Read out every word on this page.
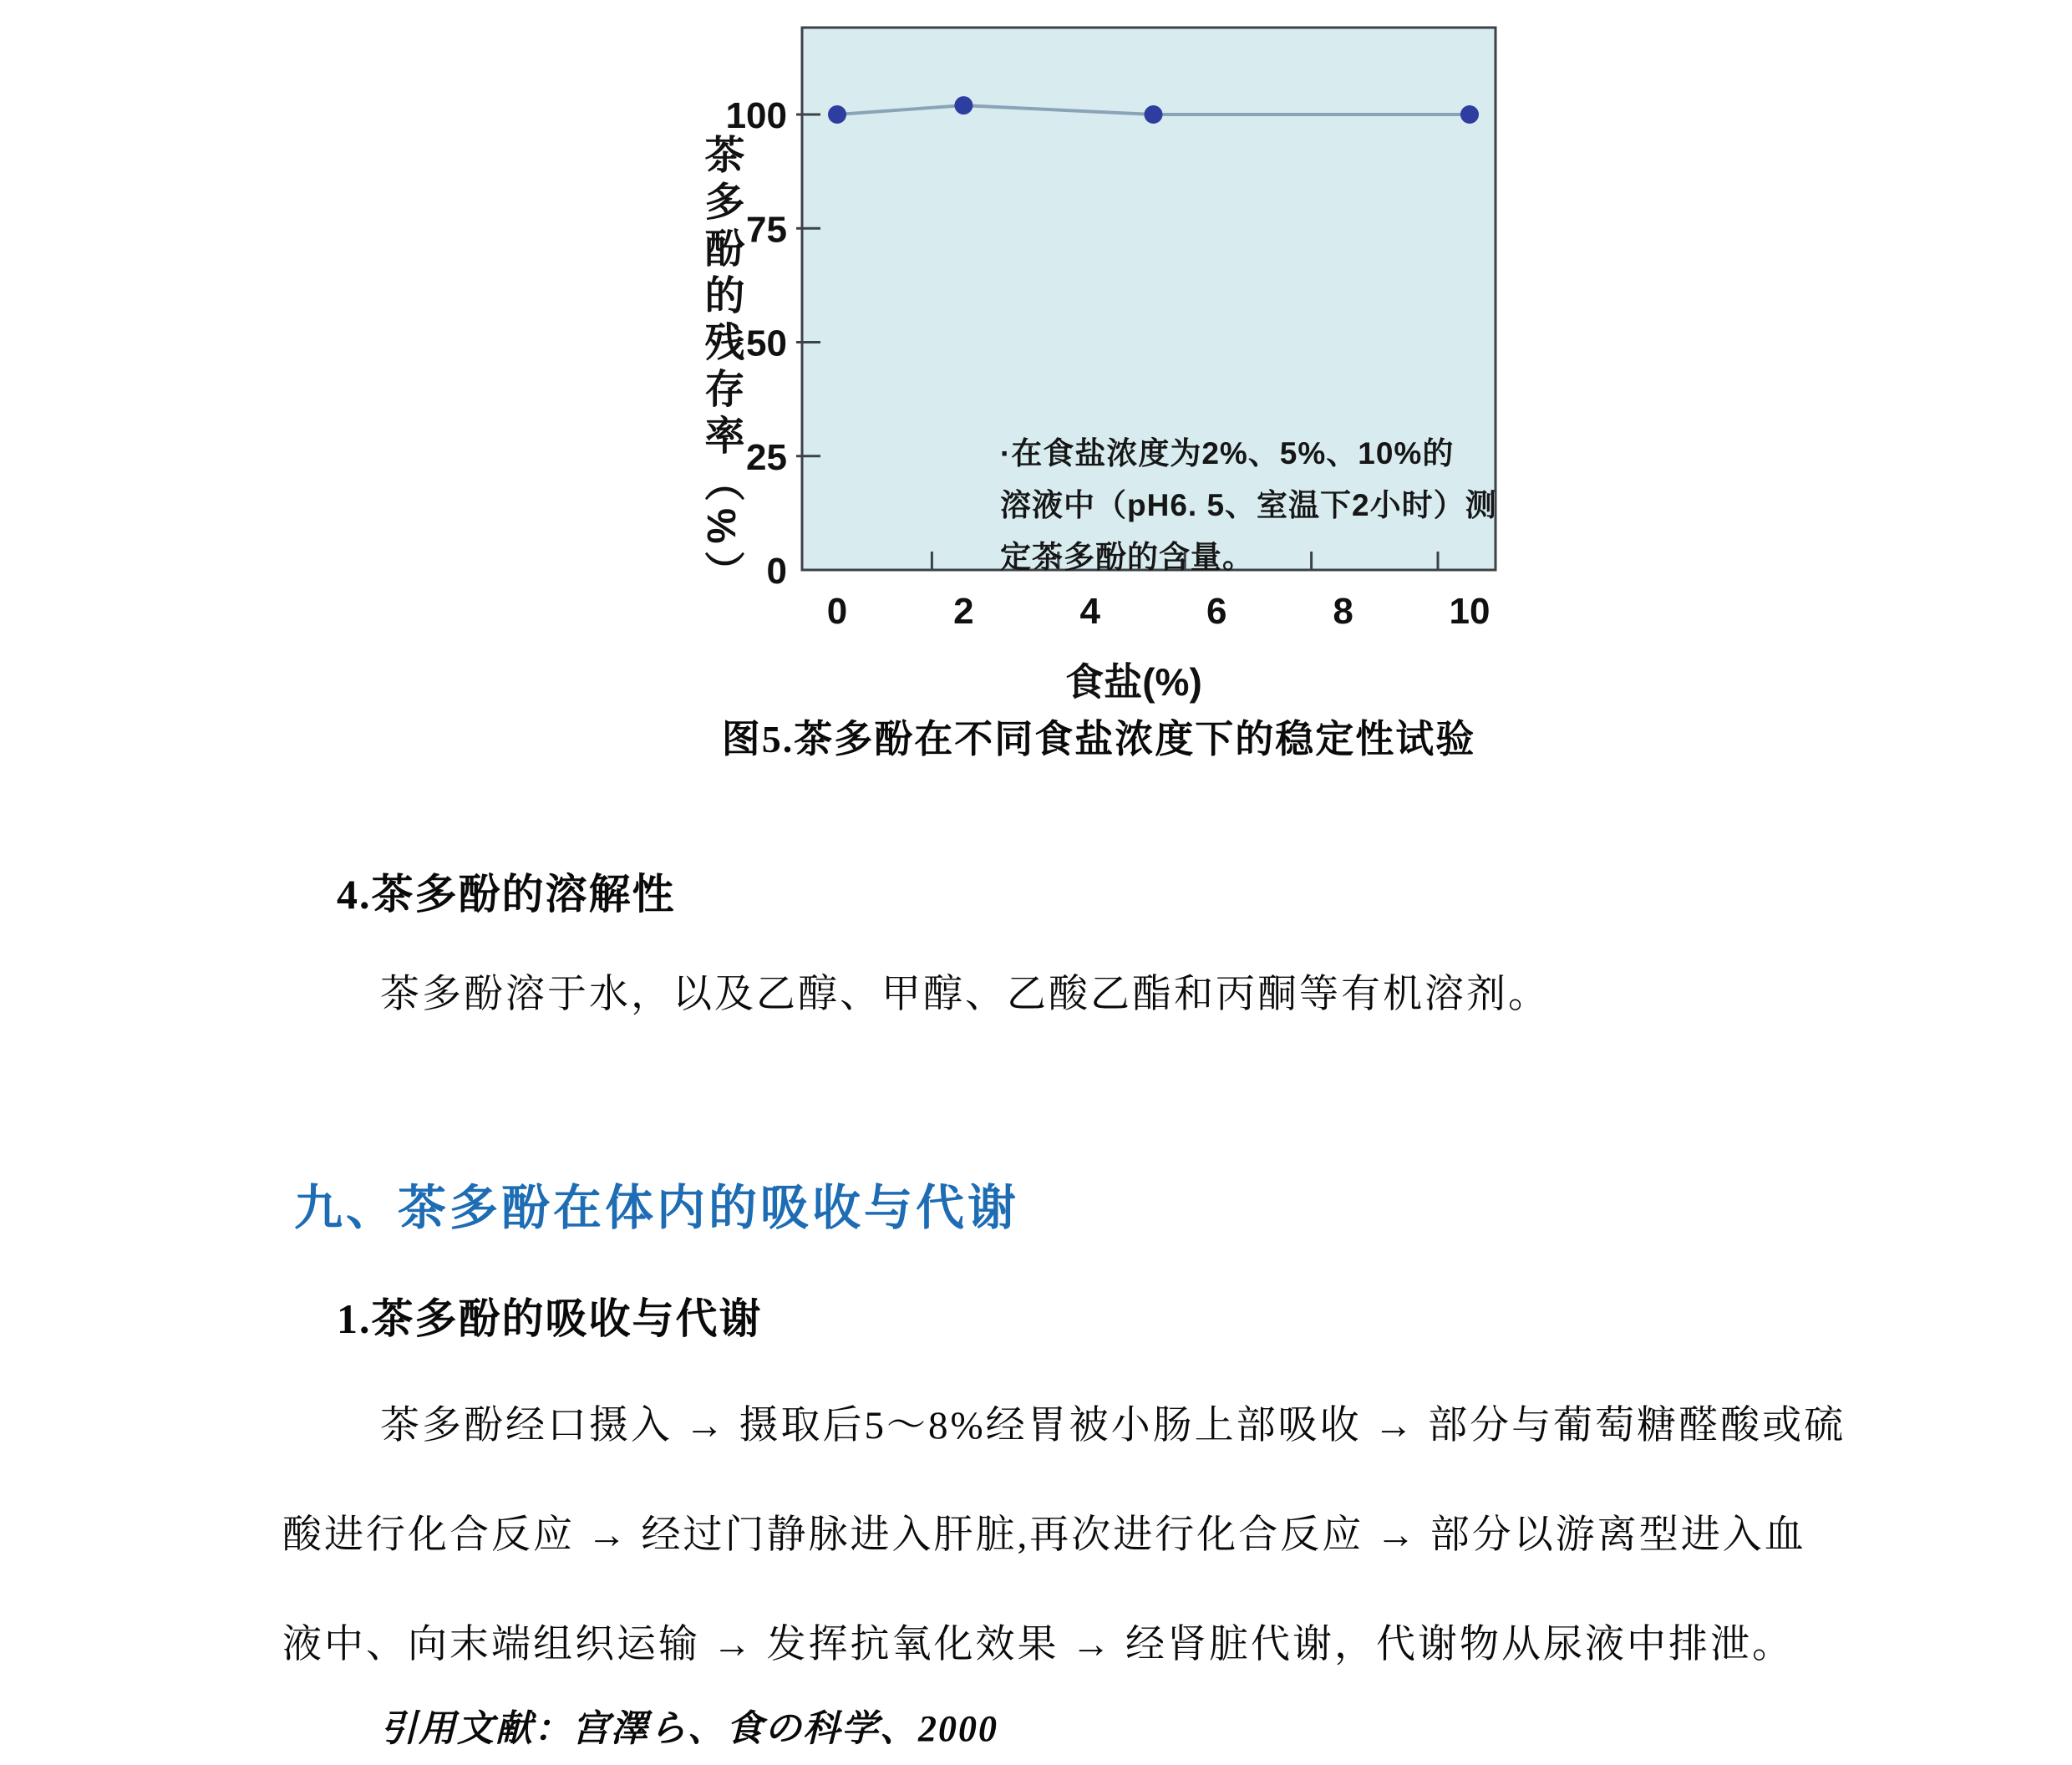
茶多酚的残存率（%） 0
25
50
75
100
0	2	4	6	8	10
·在食盐浓度为2%、5%、10%的
溶液中（pH6. 5、室温下2小时）测
定茶多酚的含量。
食盐(%)
图5.茶多酚在不同食盐浓度下的稳定性试验
4.茶多酚的溶解性
茶多酚溶于水，以及乙醇、甲醇、乙酸乙酯和丙酮等有机溶剂。
九、茶多酚在体内的吸收与代谢
1.茶多酚的吸收与代谢
茶多酚经口摄入 → 摄取后5～8%经胃被小肠上部吸收 → 部分与葡萄糖醛酸或硫
酸进行化合反应 → 经过门静脉进入肝脏,再次进行化合反应 → 部分以游离型进入血
液中、向末端组织运输 → 发挥抗氧化效果 → 经肾脏代谢，代谢物从尿液中排泄。
引用文献：宫澤ら、食の科学、2000
